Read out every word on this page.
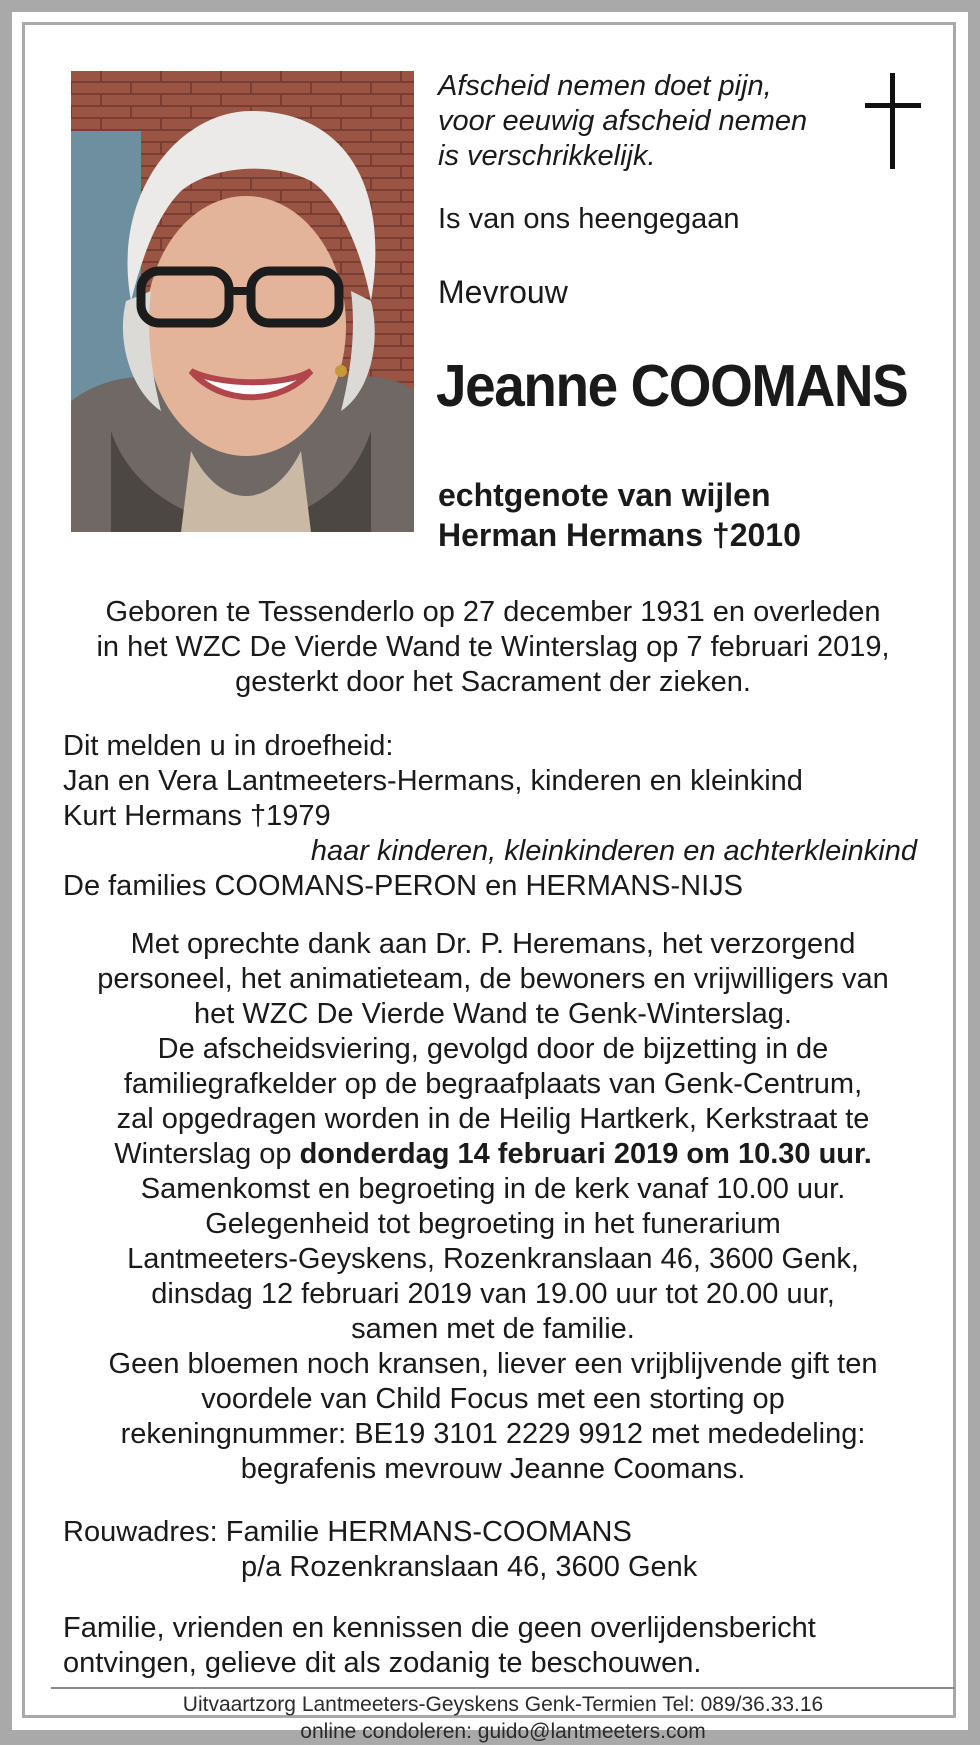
Afscheid nemen doet pijn,
voor eeuwig afscheid nemen
is verschrikkelijk.
Is van ons heengegaan
Mevrouw
Jeanne COOMANS
echtgenote van wijlen
Herman Hermans †2010
Geboren te Tessenderlo op 27 december 1931 en overleden
in het WZC De Vierde Wand te Winterslag op 7 februari 2019,
gesterkt door het Sacrament der zieken.
Dit melden u in droefheid:
Jan en Vera Lantmeeters-Hermans, kinderen en kleinkind
Kurt Hermans †1979
haar kinderen, kleinkinderen en achterkleinkind
De families COOMANS-PERON en HERMANS-NIJS
Met oprechte dank aan Dr. P. Heremans, het verzorgend
personeel, het animatieteam, de bewoners en vrijwilligers van
het WZC De Vierde Wand te Genk-Winterslag.
De afscheidsviering, gevolgd door de bijzetting in de
familiegrafkelder op de begraafplaats van Genk-Centrum,
zal opgedragen worden in de Heilig Hartkerk, Kerkstraat te
Winterslag op donderdag 14 februari 2019 om 10.30 uur.
Samenkomst en begroeting in de kerk vanaf 10.00 uur.
Gelegenheid tot begroeting in het funerarium
Lantmeeters-Geyskens, Rozenkranslaan 46, 3600 Genk,
dinsdag 12 februari 2019 van 19.00 uur tot 20.00 uur,
samen met de familie.
Geen bloemen noch kransen, liever een vrijblijvende gift ten
voordele van Child Focus met een storting op
rekeningnummer: BE19 3101 2229 9912 met mededeling:
begrafenis mevrouw Jeanne Coomans.
Rouwadres: Familie HERMANS-COOMANS
p/a Rozenkranslaan 46, 3600 Genk
Familie, vrienden en kennissen die geen overlijdensbericht
ontvingen, gelieve dit als zodanig te beschouwen.
Uitvaartzorg Lantmeeters-Geyskens Genk-Termien Tel: 089/36.33.16
online condoleren: guido@lantmeeters.com
